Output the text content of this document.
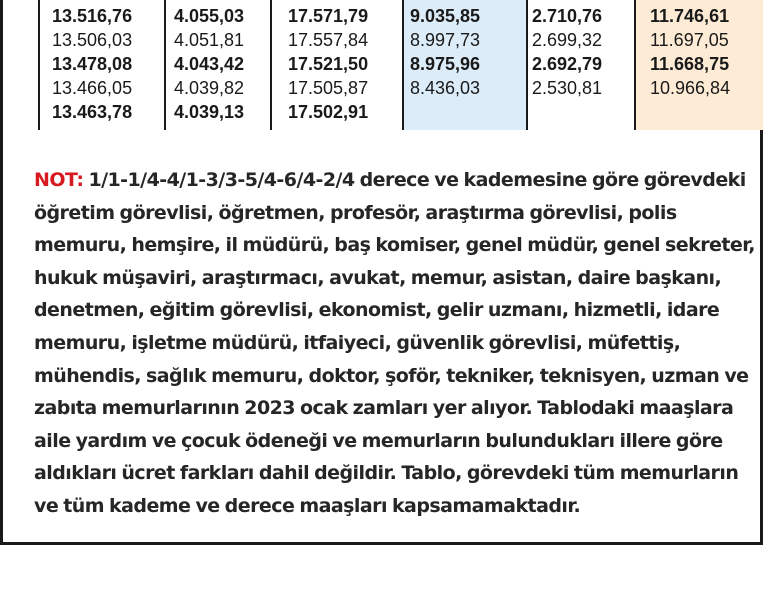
13.516,76 4.055,03 17.571,79 9.035,85	2.710,76	11.746,61
13.506,03 4.051,81 17.557,84 8.997,73	2.699,32	11.697,05
13.478,08 4.043,42 17.521,50 8.975,96	2.692,79	11.668,75
13.466,05 4.039,82 17.505,87 8.436,03	2.530,81	10.966,84
13.463,78 4.039,13 17.502,91

NOT: 1/1-1/4-4/1-3/3-5/4-6/4-2/4 derece ve kademesine göre görevdeki öğretim görevlisi, öğretmen, profesör, araştırma görevlisi, polis memuru, hemşire, il müdürü, baş komiser, genel müdür, genel sekreter, hukuk müşaviri, araştırmacı, avukat, memur, asistan, daire başkanı, denetmen, eğitim görevlisi, ekonomist, gelir uzmanı, hizmetli, idare memuru, işletme müdürü, itfaiyeci, güvenlik görevlisi, müfettiş, mühendis, sağlık memuru, doktor, şoför, tekniker, teknisyen, uzman ve zabıta memurlarının 2023 ocak zamları yer alıyor. Tablodaki maaşlara aile yardım ve çocuk ödeneği ve memurların bulundukları illere göre aldıkları ücret farkları dahil değildir. Tablo, görevdeki tüm memurların ve tüm kademe ve derece maaşları kapsamamaktadır.
